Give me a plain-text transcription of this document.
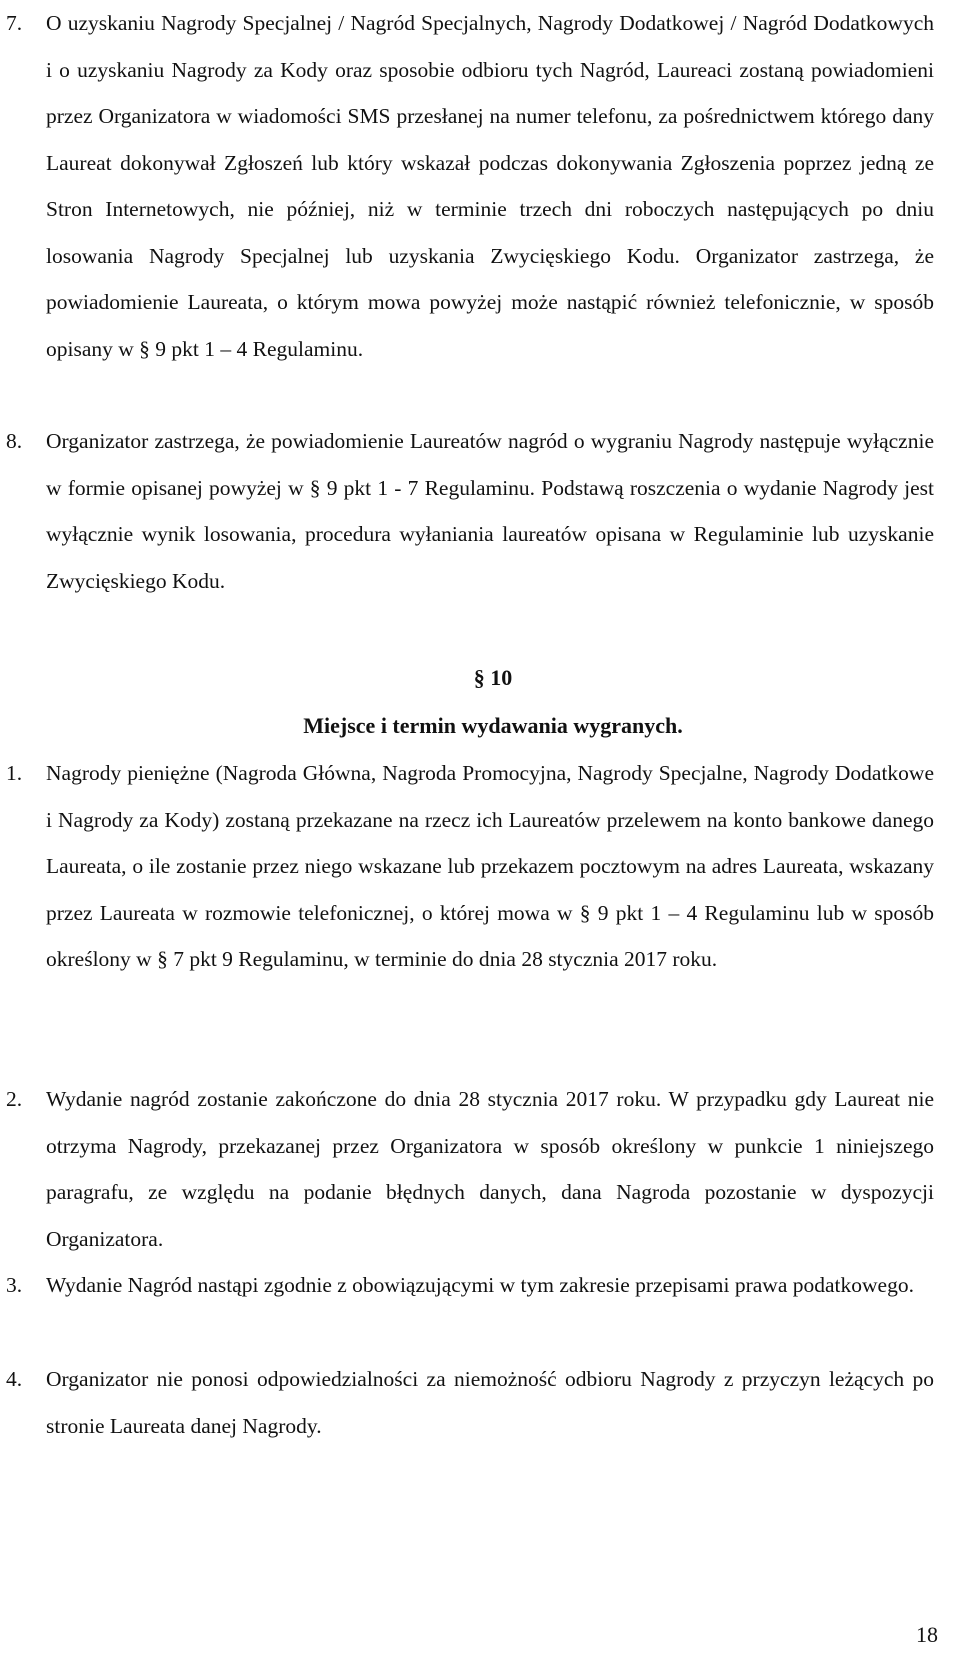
7.	O uzyskaniu Nagrody Specjalnej / Nagród Specjalnych, Nagrody Dodatkowej / Nagród Dodatkowych i o uzyskaniu Nagrody za Kody oraz sposobie odbioru tych Nagród, Laureaci zostaną powiadomieni przez Organizatora w wiadomości SMS przesłanej na numer telefonu, za pośrednictwem którego dany Laureat dokonywał Zgłoszeń lub który wskazał podczas dokonywania Zgłoszenia poprzez jedną ze Stron Internetowych, nie później, niż w terminie trzech dni roboczych następujących po dniu losowania Nagrody Specjalnej lub uzyskania Zwycięskiego Kodu. Organizator zastrzega, że powiadomienie Laureata, o którym mowa powyżej może nastąpić również telefonicznie, w sposób opisany w § 9 pkt 1 – 4 Regulaminu.
8.	Organizator zastrzega, że powiadomienie Laureatów nagród o wygraniu Nagrody następuje wyłącznie w formie opisanej powyżej w § 9 pkt 1 - 7 Regulaminu. Podstawą roszczenia o wydanie Nagrody jest wyłącznie wynik losowania, procedura wyłaniania laureatów opisana w Regulaminie lub uzyskanie Zwycięskiego Kodu.
§ 10
Miejsce i termin wydawania wygranych.
1.	Nagrody pieniężne (Nagroda Główna, Nagroda Promocyjna, Nagrody Specjalne, Nagrody Dodatkowe i Nagrody za Kody) zostaną przekazane na rzecz ich Laureatów przelewem na konto bankowe danego Laureata, o ile zostanie przez niego wskazane lub przekazem pocztowym na adres Laureata, wskazany przez Laureata w rozmowie telefonicznej, o której mowa w § 9 pkt 1 – 4 Regulaminu lub w sposób określony w § 7 pkt 9 Regulaminu, w terminie do dnia 28 stycznia 2017 roku.
2.	Wydanie nagród zostanie zakończone do dnia 28 stycznia 2017 roku. W przypadku gdy Laureat nie otrzyma Nagrody, przekazanej przez Organizatora w sposób określony w punkcie 1 niniejszego paragrafu, ze względu na podanie błędnych danych, dana Nagroda pozostanie w dyspozycji Organizatora.
3.	Wydanie Nagród nastąpi zgodnie z obowiązującymi w tym zakresie przepisami prawa podatkowego.
4.	Organizator nie ponosi odpowiedzialności za niemożność odbioru Nagrody z przyczyn leżących po stronie Laureata danej Nagrody.
18
